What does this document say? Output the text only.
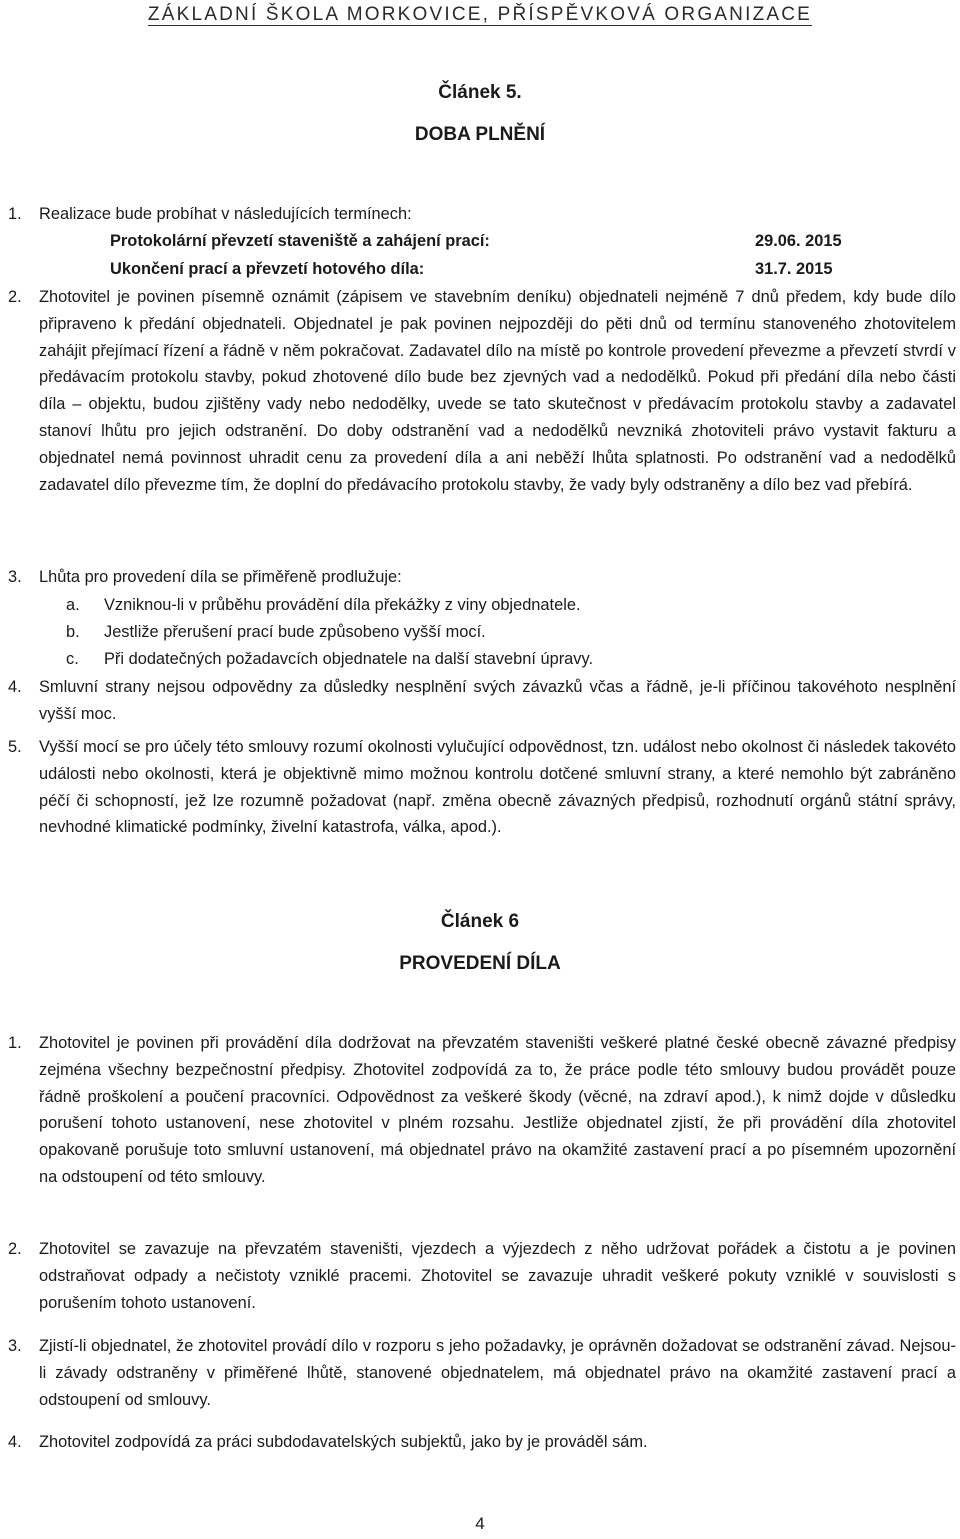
ZÁKLADNÍ ŠKOLA MORKOVICE, PŘÍSPĚVKOVÁ ORGANIZACE
Článek 5.
DOBA PLNĚNÍ
1. Realizace bude probíhat v následujících termínech:
Protokolární převzetí staveniště a zahájení prací:	29.06. 2015
Ukončení prací a převzetí hotového díla:	31.7. 2015
2. Zhotovitel je povinen písemně oznámit (zápisem ve stavebním deníku) objednateli nejméně 7 dnů předem, kdy bude dílo připraveno k předání objednateli. Objednatel je pak povinen nejpozději do pěti dnů od termínu stanoveného zhotovitelem zahájit přejímací řízení a řádně v něm pokračovat. Zadavatel dílo na místě po kontrole provedení převezme a převzetí stvrdí v předávacím protokolu stavby, pokud zhotovené dílo bude bez zjevných vad a nedodělků. Pokud při předání díla nebo části díla – objektu, budou zjištěny vady nebo nedodělky, uvede se tato skutečnost v předávacím protokolu stavby a zadavatel stanoví lhůtu pro jejich odstranění. Do doby odstranění vad a nedodělků nevzniká zhotoviteli právo vystavit fakturu a objednatel nemá povinnost uhradit cenu za provedení díla a ani neběží lhůta splatnosti. Po odstranění vad a nedodělků zadavatel dílo převezme tím, že doplní do předávacího protokolu stavby, že vady byly odstraněny a dílo bez vad přebírá.
3. Lhůta pro provedení díla se přiměřeně prodlužuje:
a. Vzniknou-li v průběhu provádění díla překážky z viny objednatele.
b. Jestliže přerušení prací bude způsobeno vyšší mocí.
c. Při dodatečných požadavcích objednatele na další stavební úpravy.
4. Smluvní strany nejsou odpovědny za důsledky nesplnění svých závazků včas a řádně, je-li příčinou takovéhoto nesplnění vyšší moc.
5. Vyšší mocí se pro účely této smlouvy rozumí okolnosti vylučující odpovědnost, tzn. událost nebo okolnost či následek takovéto události nebo okolnosti, která je objektivně mimo možnou kontrolu dotčené smluvní strany, a které nemohlo být zabráněno péčí či schopností, jež lze rozumně požadovat (např. změna obecně závazných předpisů, rozhodnutí orgánů státní správy, nevhodné klimatické podmínky, živelní katastrofa, válka, apod.).
Článek 6
PROVEDENÍ DÍLA
1. Zhotovitel je povinen při provádění díla dodržovat na převzatém staveništi veškeré platné české obecně závazné předpisy zejména všechny bezpečnostní předpisy. Zhotovitel zodpovídá za to, že práce podle této smlouvy budou provádět pouze řádně proškolení a poučení pracovníci. Odpovědnost za veškeré škody (věcné, na zdraví apod.), k nimž dojde v důsledku porušení tohoto ustanovení, nese zhotovitel v plném rozsahu. Jestliže objednatel zjistí, že při provádění díla zhotovitel opakovaně porušuje toto smluvní ustanovení, má objednatel právo na okamžité zastavení prací a po písemném upozornění na odstoupení od této smlouvy.
2. Zhotovitel se zavazuje na převzatém staveništi, vjezdech a výjezdech z něho udržovat pořádek a čistotu a je povinen odstraňovat odpady a nečistoty vzniklé pracemi. Zhotovitel se zavazuje uhradit veškeré pokuty vzniklé v souvislosti s porušením tohoto ustanovení.
3. Zjistí-li objednatel, že zhotovitel provádí dílo v rozporu s jeho požadavky, je oprávněn dožadovat se odstranění závad. Nejsou-li závady odstraněny v přiměřené lhůtě, stanovené objednatelem, má objednatel právo na okamžité zastavení prací a odstoupení od smlouvy.
4. Zhotovitel zodpovídá za práci subdodavatelských subjektů, jako by je prováděl sám.
4
